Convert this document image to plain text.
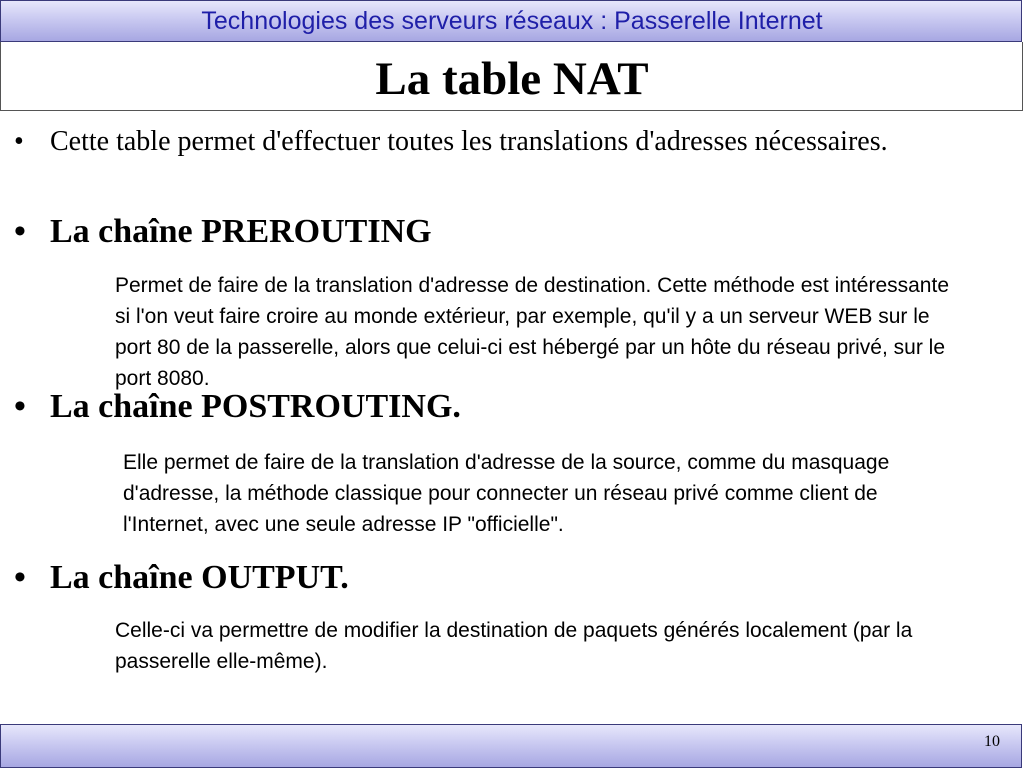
Technologies des serveurs réseaux : Passerelle Internet
La table NAT
• Cette table permet d'effectuer toutes les translations d'adresses nécessaires.
• La chaîne PREROUTING
Permet de faire de la translation d'adresse de destination. Cette méthode est intéressante si l'on veut faire croire au monde extérieur, par exemple, qu'il y a un serveur WEB sur le port 80 de la passerelle, alors que celui-ci est hébergé par un hôte du réseau privé, sur le port 8080.
• La chaîne POSTROUTING.
Elle permet de faire de la translation d'adresse de la source, comme du masquage d'adresse, la méthode classique pour connecter un réseau privé comme client de l'Internet, avec une seule adresse IP "officielle".
• La chaîne OUTPUT.
Celle-ci va permettre de modifier la destination de paquets générés localement (par la passerelle elle-même).
10
